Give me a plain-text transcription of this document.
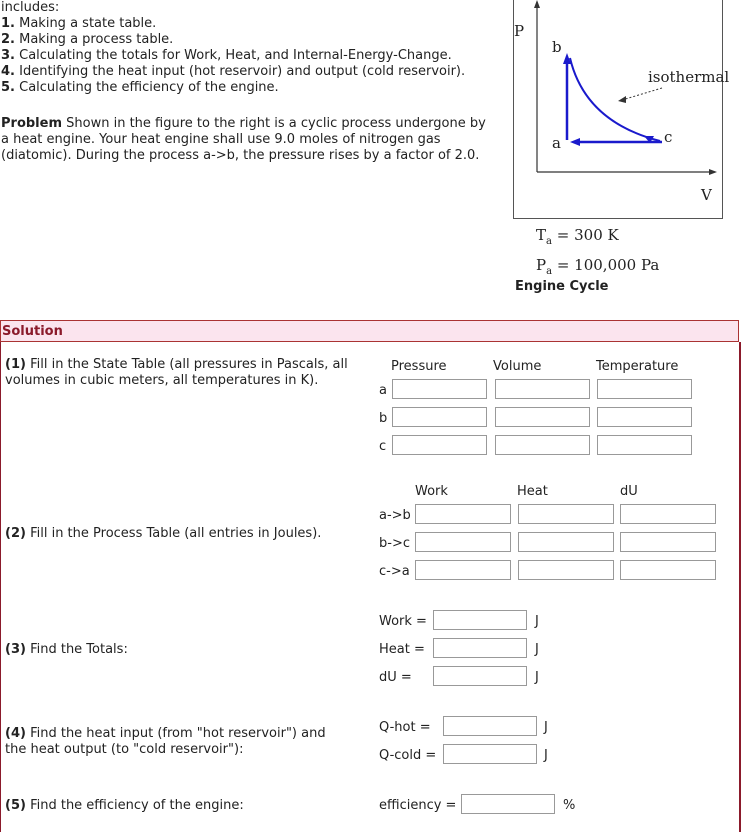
includes:
1. Making a state table.
2. Making a process table.
3. Calculating the totals for Work, Heat, and Internal-Energy-Change.
4. Identifying the heat input (hot reservoir) and output (cold reservoir).
5. Calculating the efficiency of the engine.
Problem Shown in the figure to the right is a cyclic process undergone by
a heat engine. Your heat engine shall use 9.0 moles of nitrogen gas
(diatomic). During the process a->b, the pressure rises by a factor of 2.0.
P
V
b
a	c
isothermal
$T_a = 300$ K
$P_a = 100,000$ Pa
Engine Cycle
Solution
(1) Fill in the State Table (all pressures in Pascals, all
volumes in cubic meters, all temperatures in K).
Pressure	Volume	Temperature
a
b
c
Work	Heat	dU
(2) Fill in the Process Table (all entries in Joules).
a->b
b->c
c->a
(3) Find the Totals:
Work =	J
Heat =	J
dU =	J
(4) Find the heat input (from "hot reservoir") and
the heat output (to "cold reservoir"):
Q-hot =	J
Q-cold =	J
(5) Find the efficiency of the engine:	efficiency =	%
